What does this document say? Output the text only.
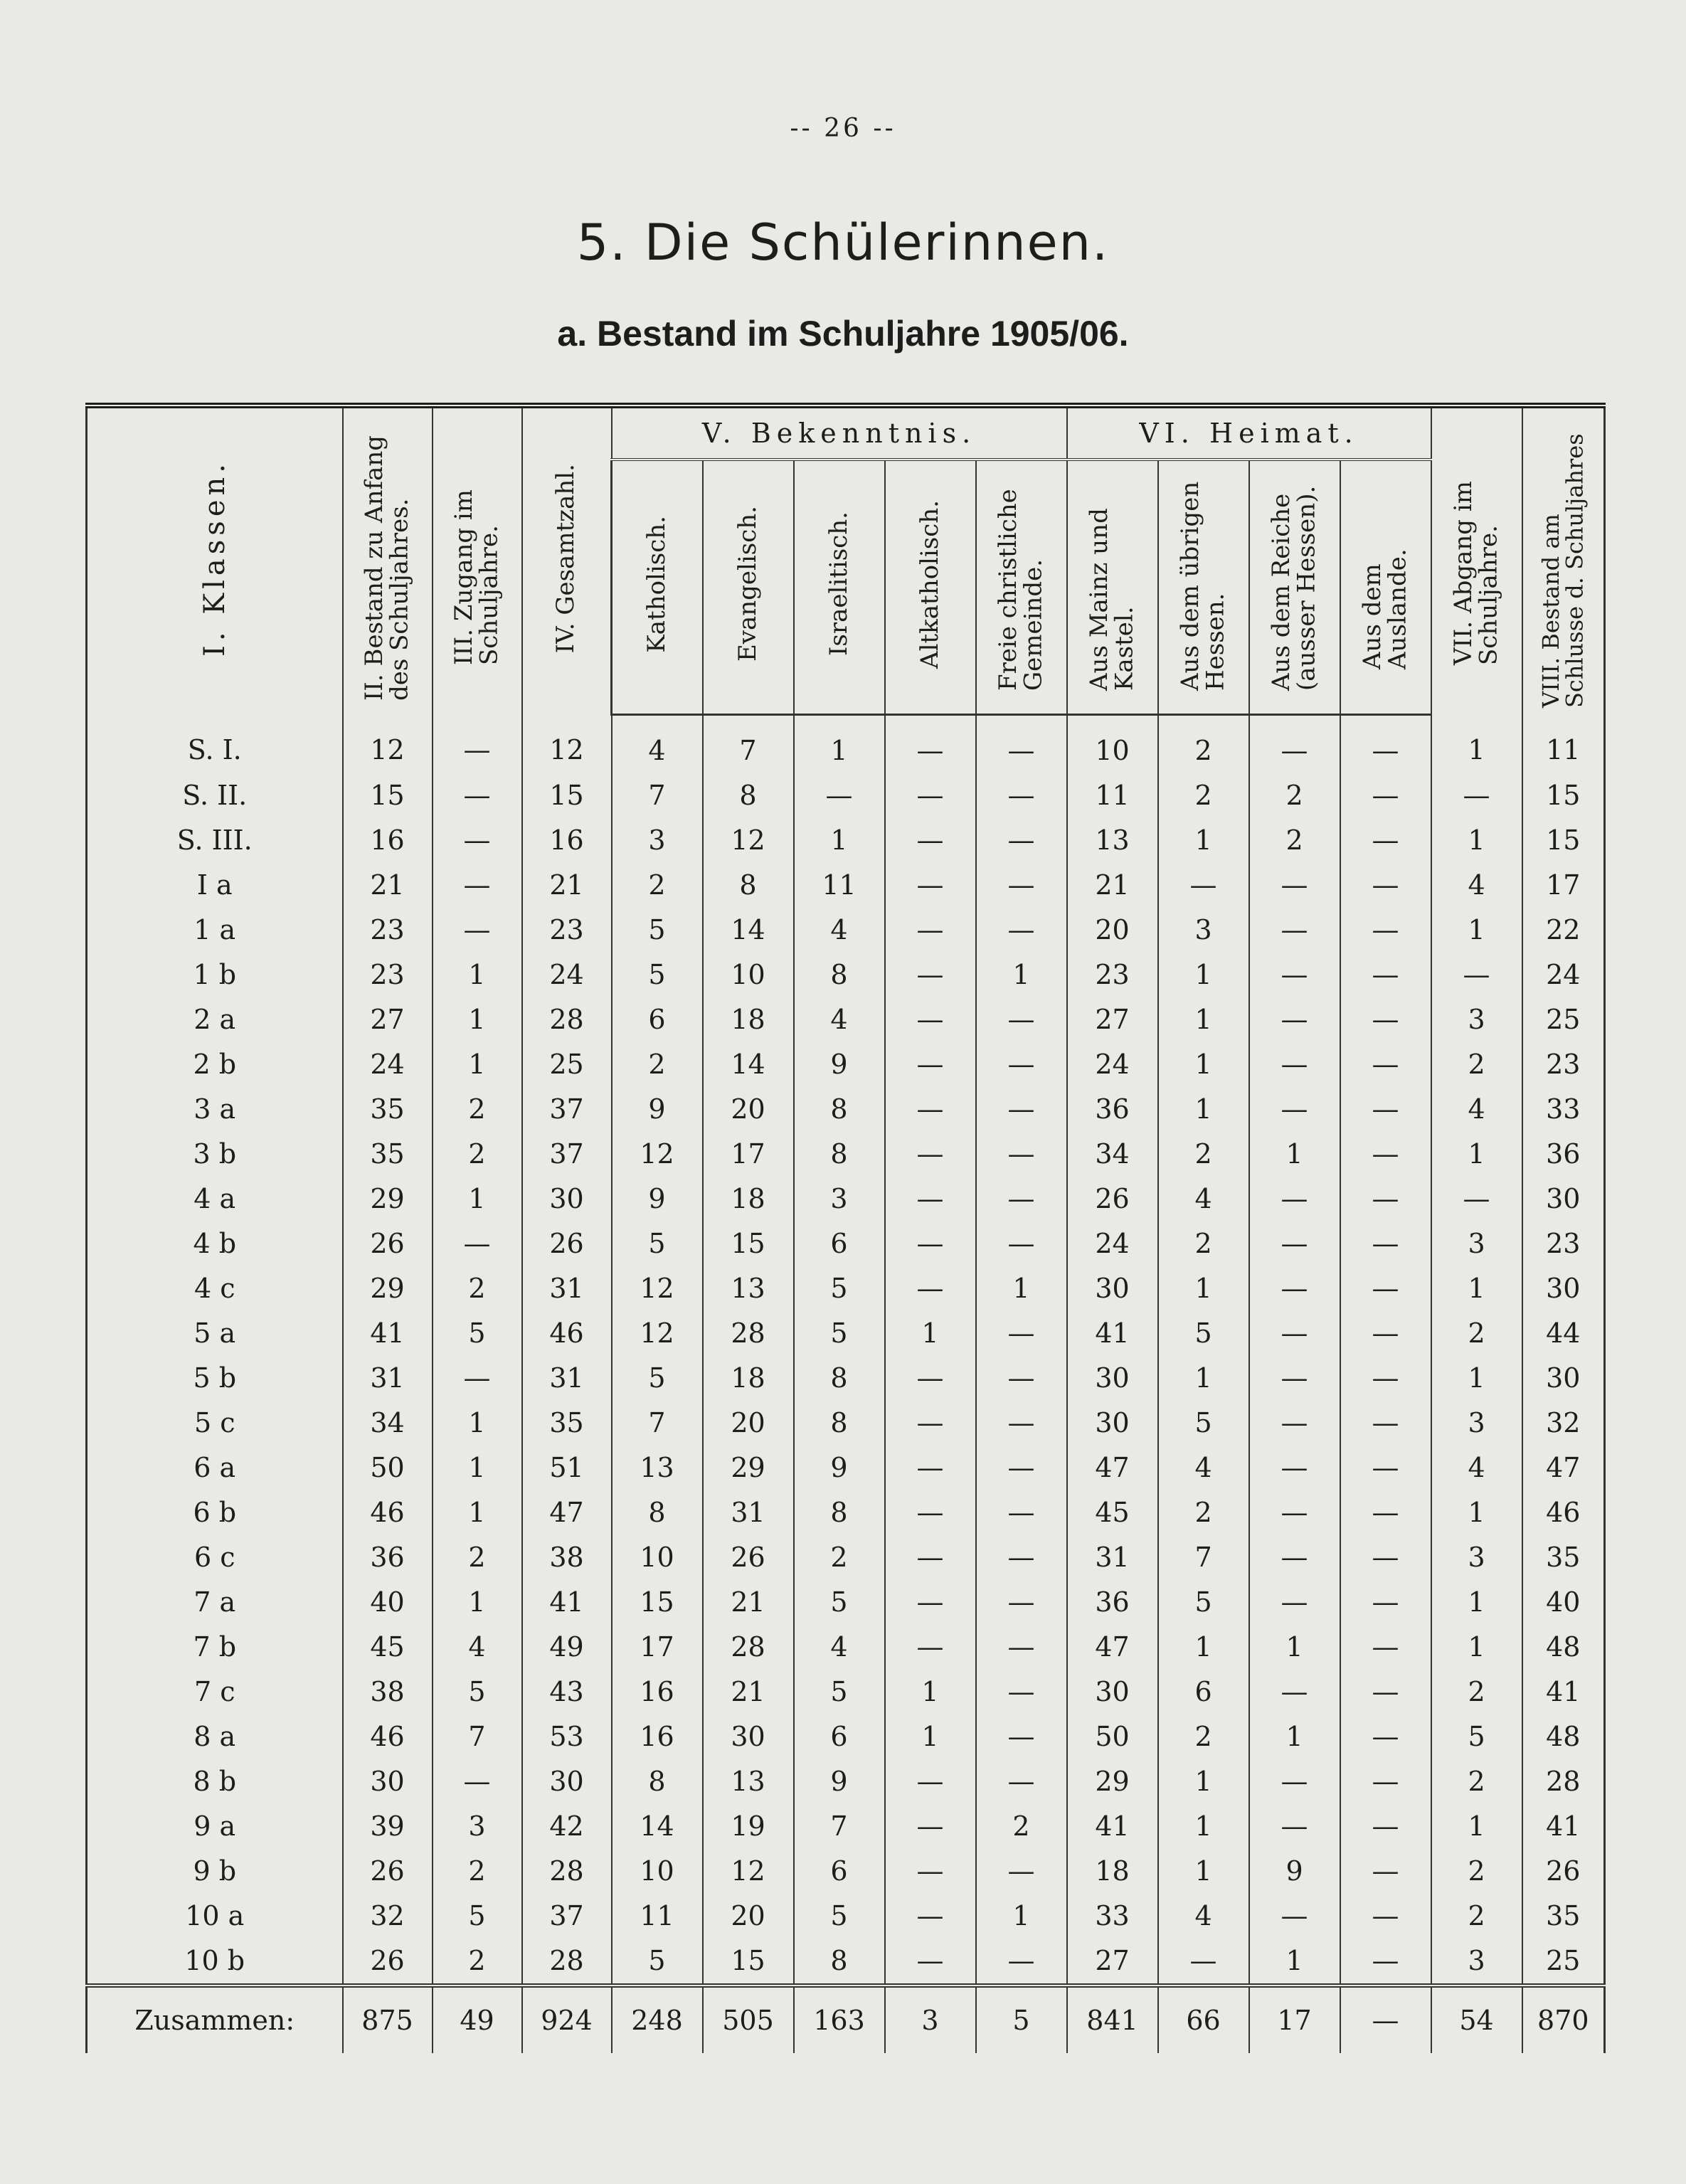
-- 26 --
5. Die Schülerinnen.
a. Bestand im Schuljahre 1905/06.
I. Klassen.	II. Bestand zu Anfang des Schuljahres.	III. Zugang im Schuljahre.	IV. Gesamtzahl.	V. Bekenntnis.					VI. Heimat.				VII. Abgang im Schuljahre.	VIII. Bestand am Schlusse d. Schuljahres
				Katholisch.	Evangelisch.	Israelitisch.	Altkatholisch.	Freie christliche Gemeinde.	Aus Mainz und Kastel.	Aus dem übrigen Hessen.	Aus dem Reiche (ausser Hessen).	Aus dem Auslande.		
S. I.	12	—	12	4	7	1	—	—	10	2	—	—	1	11
S. II.	15	—	15	7	8	—	—	—	11	2	2	—	—	15
S. III.	16	—	16	3	12	1	—	—	13	1	2	—	1	15
I a	21	—	21	2	8	11	—	—	21	—	—	—	4	17
1 a	23	—	23	5	14	4	—	—	20	3	—	—	1	22
1 b	23	1	24	5	10	8	—	1	23	1	—	—	—	24
2 a	27	1	28	6	18	4	—	—	27	1	—	—	3	25
2 b	24	1	25	2	14	9	—	—	24	1	—	—	2	23
3 a	35	2	37	9	20	8	—	—	36	1	—	—	4	33
3 b	35	2	37	12	17	8	—	—	34	2	1	—	1	36
4 a	29	1	30	9	18	3	—	—	26	4	—	—	—	30
4 b	26	—	26	5	15	6	—	—	24	2	—	—	3	23
4 c	29	2	31	12	13	5	—	1	30	1	—	—	1	30
5 a	41	5	46	12	28	5	1	—	41	5	—	—	2	44
5 b	31	—	31	5	18	8	—	—	30	1	—	—	1	30
5 c	34	1	35	7	20	8	—	—	30	5	—	—	3	32
6 a	50	1	51	13	29	9	—	—	47	4	—	—	4	47
6 b	46	1	47	8	31	8	—	—	45	2	—	—	1	46
6 c	36	2	38	10	26	2	—	—	31	7	—	—	3	35
7 a	40	1	41	15	21	5	—	—	36	5	—	—	1	40
7 b	45	4	49	17	28	4	—	—	47	1	1	—	1	48
7 c	38	5	43	16	21	5	1	—	30	6	—	—	2	41
8 a	46	7	53	16	30	6	1	—	50	2	1	—	5	48
8 b	30	—	30	8	13	9	—	—	29	1	—	—	2	28
9 a	39	3	42	14	19	7	—	2	41	1	—	—	1	41
9 b	26	2	28	10	12	6	—	—	18	1	9	—	2	26
10 a	32	5	37	11	20	5	—	1	33	4	—	—	2	35
10 b	26	2	28	5	15	8	—	—	27	—	1	—	3	25
Zusammen:	875	49	924	248	505	163	3	5	841	66	17	—	54	870
